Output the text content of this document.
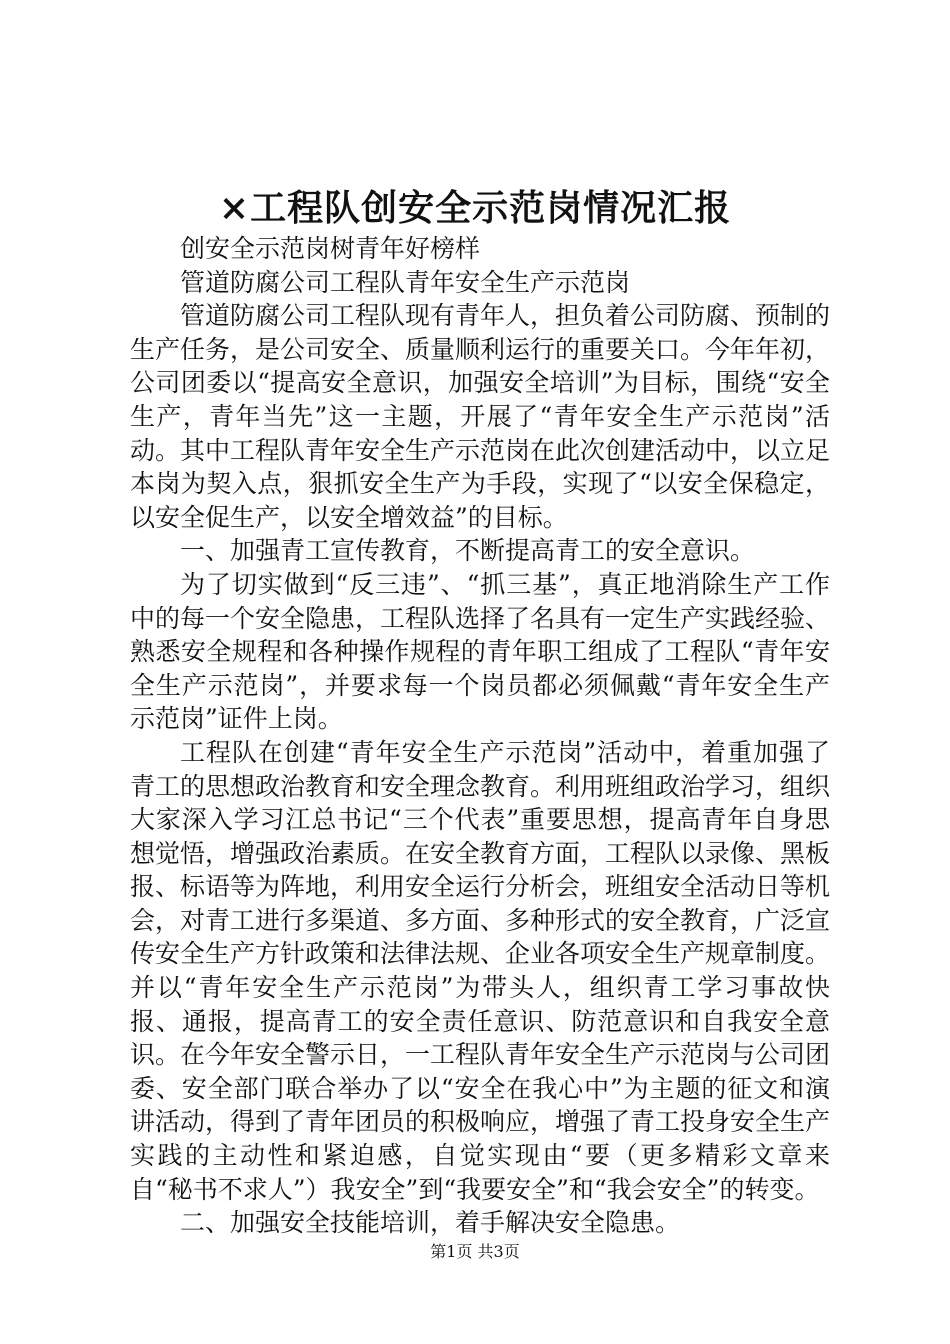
×工程队创安全示范岗情况汇报

创安全示范岗树青年好榜样

管道防腐公司工程队青年安全生产示范岗

管道防腐公司工程队现有青年人，担负着公司防腐、预制的生产任务，是公司安全、质量顺利运行的重要关口。今年年初，公司团委以“提高安全意识，加强安全培训”为目标，围绕“安全生产，青年当先”这一主题，开展了“青年安全生产示范岗”活动。其中工程队青年安全生产示范岗在此次创建活动中，以立足本岗为契入点，狠抓安全生产为手段，实现了“以安全保稳定，以安全促生产，以安全增效益”的目标。

一、加强青工宣传教育，不断提高青工的安全意识。

为了切实做到“反三违”、“抓三基”，真正地消除生产工作中的每一个安全隐患，工程队选择了名具有一定生产实践经验、熟悉安全规程和各种操作规程的青年职工组成了工程队“青年安全生产示范岗”，并要求每一个岗员都必须佩戴“青年安全生产示范岗”证件上岗。

工程队在创建“青年安全生产示范岗”活动中，着重加强了青工的思想政治教育和安全理念教育。利用班组政治学习，组织大家深入学习江总书记“三个代表”重要思想，提高青年自身思想觉悟，增强政治素质。在安全教育方面，工程队以录像、黑板报、标语等为阵地，利用安全运行分析会，班组安全活动日等机会，对青工进行多渠道、多方面、多种形式的安全教育，广泛宣传安全生产方针政策和法律法规、企业各项安全生产规章制度。并以“青年安全生产示范岗”为带头人，组织青工学习事故快报、通报，提高青工的安全责任意识、防范意识和自我安全意识。在今年安全警示日，一工程队青年安全生产示范岗与公司团委、安全部门联合举办了以“安全在我心中”为主题的征文和演讲活动，得到了青年团员的积极响应，增强了青工投身安全生产实践的主动性和紧迫感，自觉实现由“要（更多精彩文章来自“秘书不求人”）我安全”到“我要安全”和“我会安全”的转变。

二、加强安全技能培训，着手解决安全隐患。

第1页 共3页
